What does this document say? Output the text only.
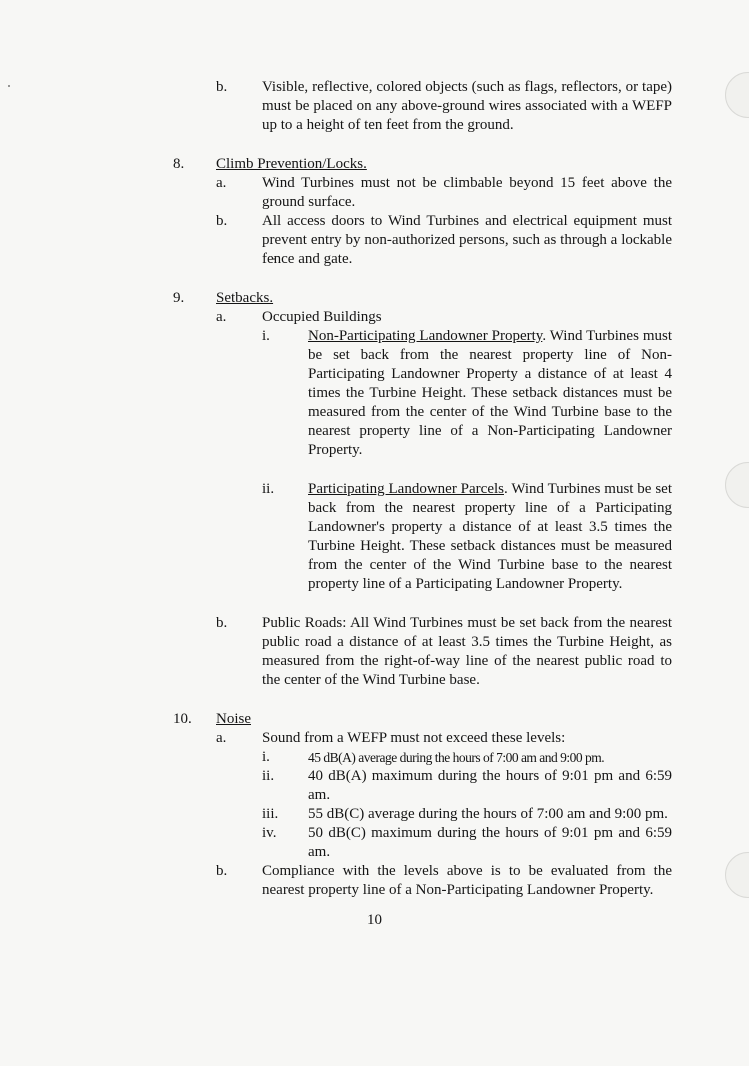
b. Visible, reflective, colored objects (such as flags, reflectors, or tape) must be placed on any above-ground wires associated with a WEFP up to a height of ten feet from the ground.
8. Climb Prevention/Locks.
a. Wind Turbines must not be climbable beyond 15 feet above the ground surface.
b. All access doors to Wind Turbines and electrical equipment must prevent entry by non-authorized persons, such as through a lockable fence and gate.
9. Setbacks.
a. Occupied Buildings
i.	Non-Participating Landowner Property. Wind Turbines must be set back from the nearest property line of Non-Participating Landowner Property a distance of at least 4 times the Turbine Height. These setback distances must be measured from the center of the Wind Turbine base to the nearest property line of a Non-Participating Landowner Property.
ii. Participating Landowner Parcels. Wind Turbines must be set back from the nearest property line of a Participating Landowner's property a distance of at least 3.5 times the Turbine Height. These setback distances must be measured from the center of the Wind Turbine base to the nearest property line of a Participating Landowner Property.
b. Public Roads: All Wind Turbines must be set back from the nearest public road a distance of at least 3.5 times the Turbine Height, as measured from the right-of-way line of the nearest public road to the center of the Wind Turbine base.
10. Noise
a. Sound from a WEFP must not exceed these levels:
i.	45 dB(A) average during the hours of 7:00 am and 9:00 pm.
ii. 40 dB(A) maximum during the hours of 9:01 pm and 6:59 am.
iii. 55 dB(C) average during the hours of 7:00 am and 9:00 pm.
iv. 50 dB(C) maximum during the hours of 9:01 pm and 6:59 am.
b. Compliance with the levels above is to be evaluated from the nearest property line of a Non-Participating Landowner Property.
10
